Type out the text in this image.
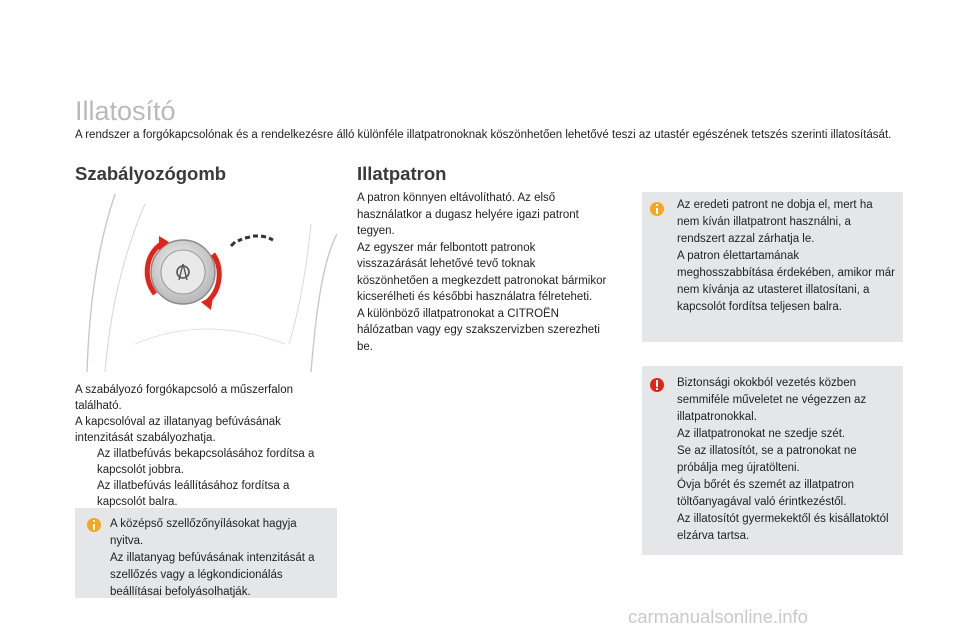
Illatosító

A rendszer a forgókapcsolónak és a rendelkezésre álló különféle illatpatronoknak köszönhetően lehetővé teszi az utastér egészének tetszés szerinti illatosítását.

Szabályozógomb

A szabályozó forgókapcsoló a műszerfalon található.

A kapcsolóval az illatanyag befúvásának intenzitását szabályozhatja.

Az illatbefúvás bekapcsolásához fordítsa a kapcsolót jobbra.
Az illatbefúvás leállításához fordítsa a kapcsolót balra.

A középső szellőzőnyílásokat hagyja nyitva.

Az illatanyag befúvásának intenzitását a szellőzés vagy a légkondicionálás beállításai befolyásolhatják.

Illatpatron

A patron könnyen eltávolítható. Az első használatkor a dugasz helyére igazi patront tegyen.

Az egyszer már felbontott patronok visszazárását lehetővé tevő toknak köszönhetően a megkezdett patronokat bármikor kicserélheti és későbbi használatra félreteheti.

A különböző illatpatronokat a CITROËN hálózatban vagy egy szakszervizben szerezheti be.

Az eredeti patront ne dobja el, mert ha nem kíván illatpatront használni, a rendszert azzal zárhatja le.

A patron élettartamának meghosszabbítása érdekében, amikor már nem kívánja az utasteret illatosítani, a kapcsolót fordítsa teljesen balra.

Biztonsági okokból vezetés közben semmiféle műveletet ne végezzen az illatpatronokkal.

Az illatpatronokat ne szedje szét.

Se az illatosítót, se a patronokat ne próbálja meg újratölteni.

Óvja bőrét és szemét az illatpatron töltőanyagával való érintkezéstől.

Az illatosítót gyermekektől és kisállatoktól elzárva tartsa.

carmanualsonline.info
